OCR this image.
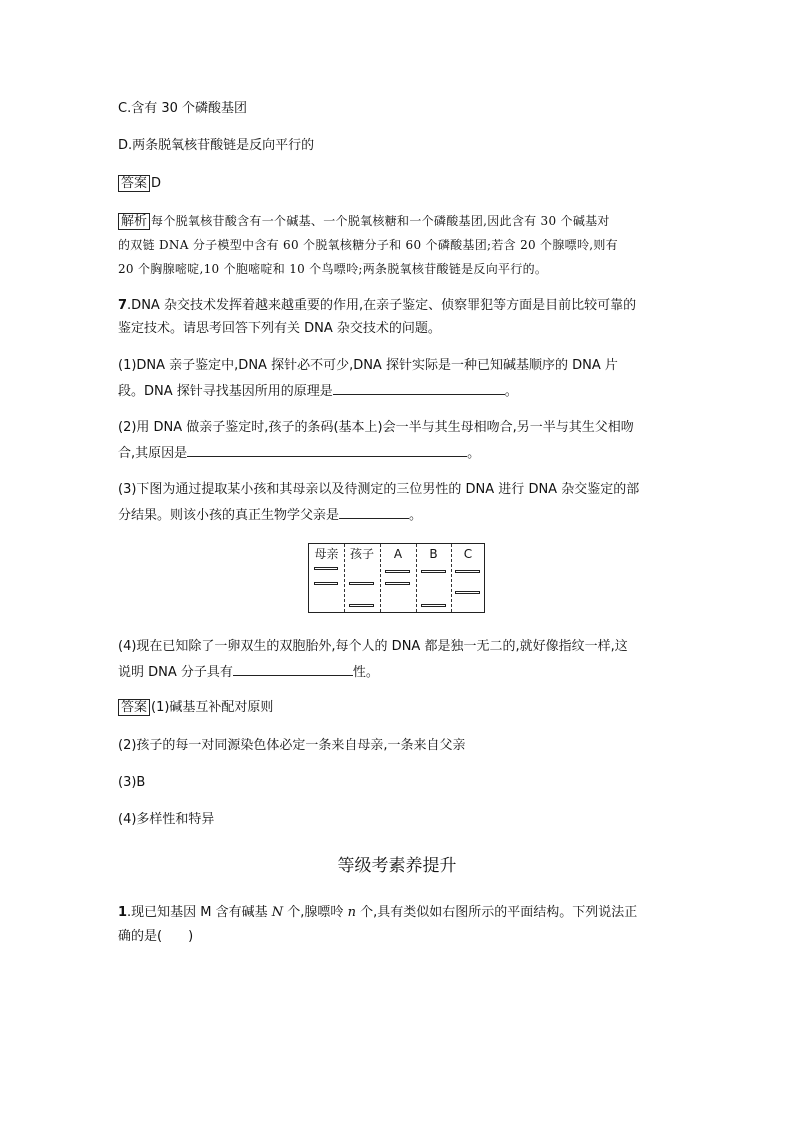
C.含有 30 个磷酸基团
D.两条脱氧核苷酸链是反向平行的
答案 D
解析 每个脱氧核苷酸含有一个碱基、一个脱氧核糖和一个磷酸基团,因此含有 30 个碱基对
的双链 DNA 分子模型中含有 60 个脱氧核糖分子和 60 个磷酸基团;若含 20 个腺嘌呤,则有
20 个胸腺嘧啶,10 个胞嘧啶和 10 个鸟嘌呤;两条脱氧核苷酸链是反向平行的。
7.DNA 杂交技术发挥着越来越重要的作用,在亲子鉴定、侦察罪犯等方面是目前比较可靠的
鉴定技术。请思考回答下列有关 DNA 杂交技术的问题。
(1)DNA 亲子鉴定中,DNA 探针必不可少,DNA 探针实际是一种已知碱基顺序的 DNA 片
段。DNA 探针寻找基因所用的原理是	。
(2)用 DNA 做亲子鉴定时,孩子的条码(基本上)会一半与其生母相吻合,另一半与其生父相吻
合,其原因是	。
(3)下图为通过提取某小孩和其母亲以及待测定的三位男性的 DNA 进行 DNA 杂交鉴定的部
分结果。则该小孩的真正生物学父亲是	。
母亲 孩子	A	B	C
(4)现在已知除了一卵双生的双胞胎外,每个人的 DNA 都是独一无二的,就好像指纹一样,这
说明 DNA 分子具有	性。
答案 (1)碱基互补配对原则
(2)孩子的每一对同源染色体必定一条来自母亲,一条来自父亲
(3)B
(4)多样性和特异
等级考素养提升
1.现已知基因 M 含有碱基 N 个,腺嘌呤 n 个,具有类似如右图所示的平面结构。下列说法正
确的是(　　)
